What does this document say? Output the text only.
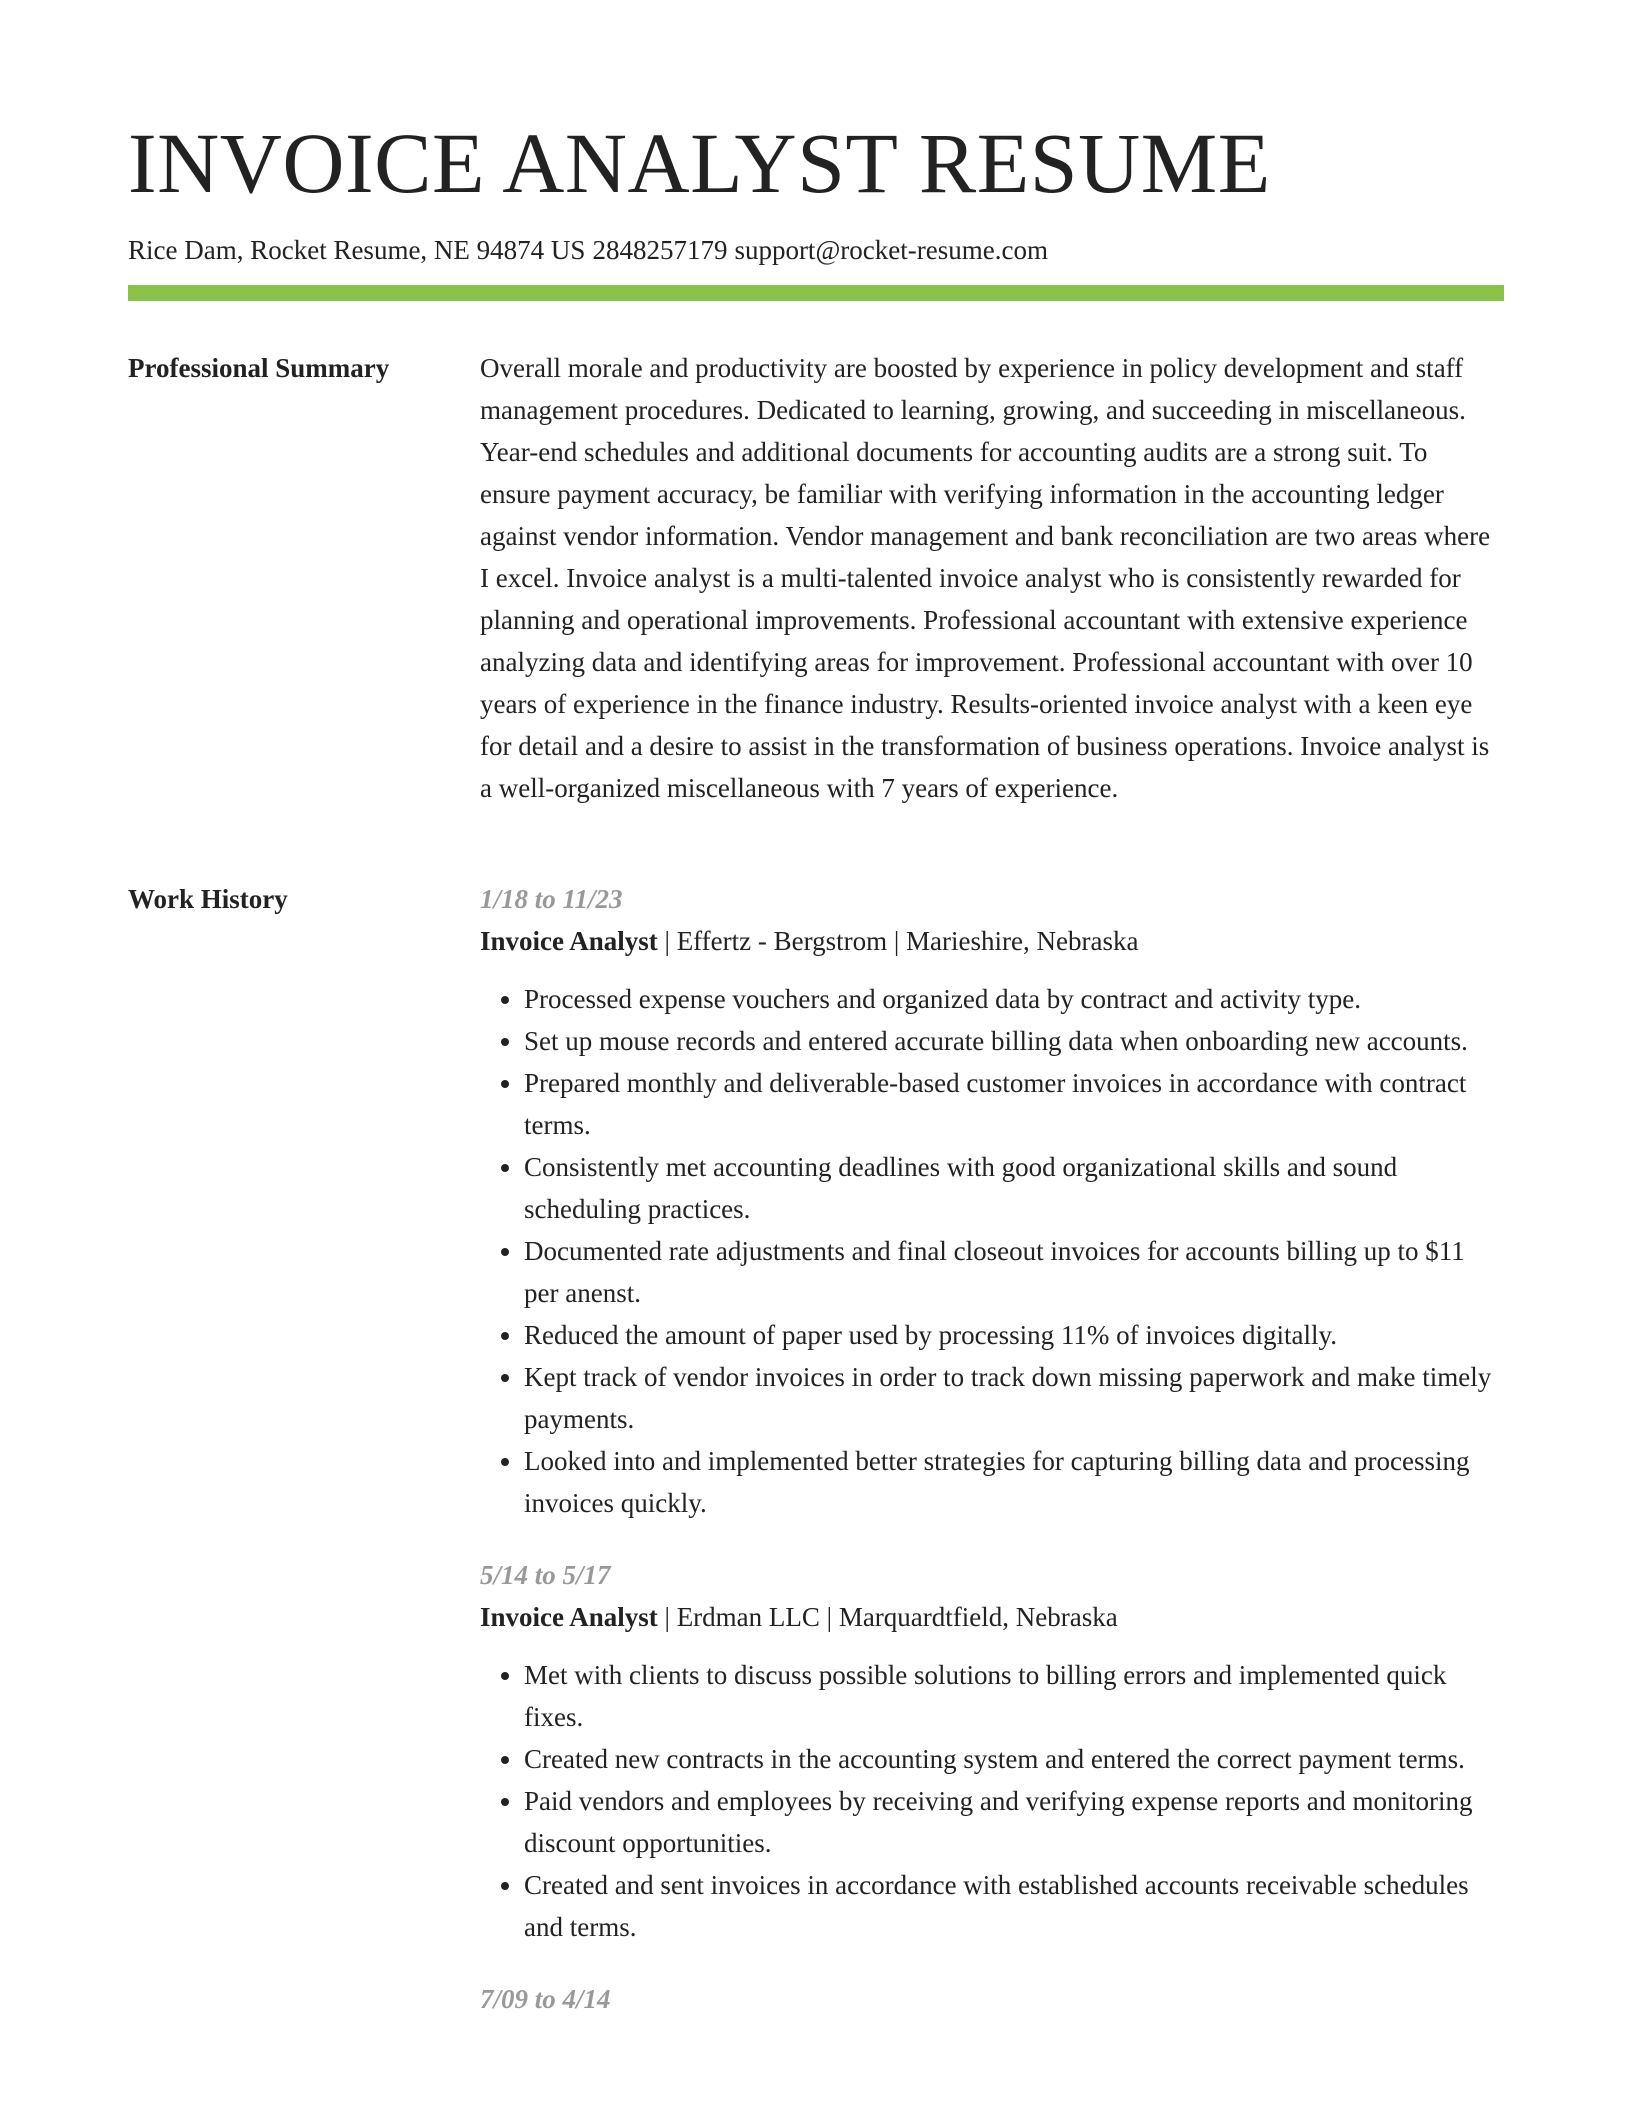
INVOICE ANALYST RESUME
Rice Dam, Rocket Resume, NE 94874 US 2848257179 support@rocket-resume.com
Professional Summary	Overall morale and productivity are boosted by experience in policy development and staff management procedures. Dedicated to learning, growing, and succeeding in miscellaneous. Year-end schedules and additional documents for accounting audits are a strong suit. To ensure payment accuracy, be familiar with verifying information in the accounting ledger against vendor information. Vendor management and bank reconciliation are two areas where I excel. Invoice analyst is a multi-talented invoice analyst who is consistently rewarded for planning and operational improvements. Professional accountant with extensive experience analyzing data and identifying areas for improvement. Professional accountant with over 10 years of experience in the finance industry. Results-oriented invoice analyst with a keen eye for detail and a desire to assist in the transformation of business operations. Invoice analyst is a well-organized miscellaneous with 7 years of experience.

Work History	1/18 to 11/23
Invoice Analyst | Effertz - Bergstrom | Marieshire, Nebraska
• Processed expense vouchers and organized data by contract and activity type.
• Set up mouse records and entered accurate billing data when onboarding new accounts.
• Prepared monthly and deliverable-based customer invoices in accordance with contract terms.
• Consistently met accounting deadlines with good organizational skills and sound scheduling practices.
• Documented rate adjustments and final closeout invoices for accounts billing up to $11 per anenst.
• Reduced the amount of paper used by processing 11% of invoices digitally.
• Kept track of vendor invoices in order to track down missing paperwork and make timely payments.
• Looked into and implemented better strategies for capturing billing data and processing invoices quickly.
5/14 to 5/17
Invoice Analyst | Erdman LLC | Marquardtfield, Nebraska
• Met with clients to discuss possible solutions to billing errors and implemented quick fixes.
• Created new contracts in the accounting system and entered the correct payment terms.
• Paid vendors and employees by receiving and verifying expense reports and monitoring discount opportunities.
• Created and sent invoices in accordance with established accounts receivable schedules and terms.
7/09 to 4/14
